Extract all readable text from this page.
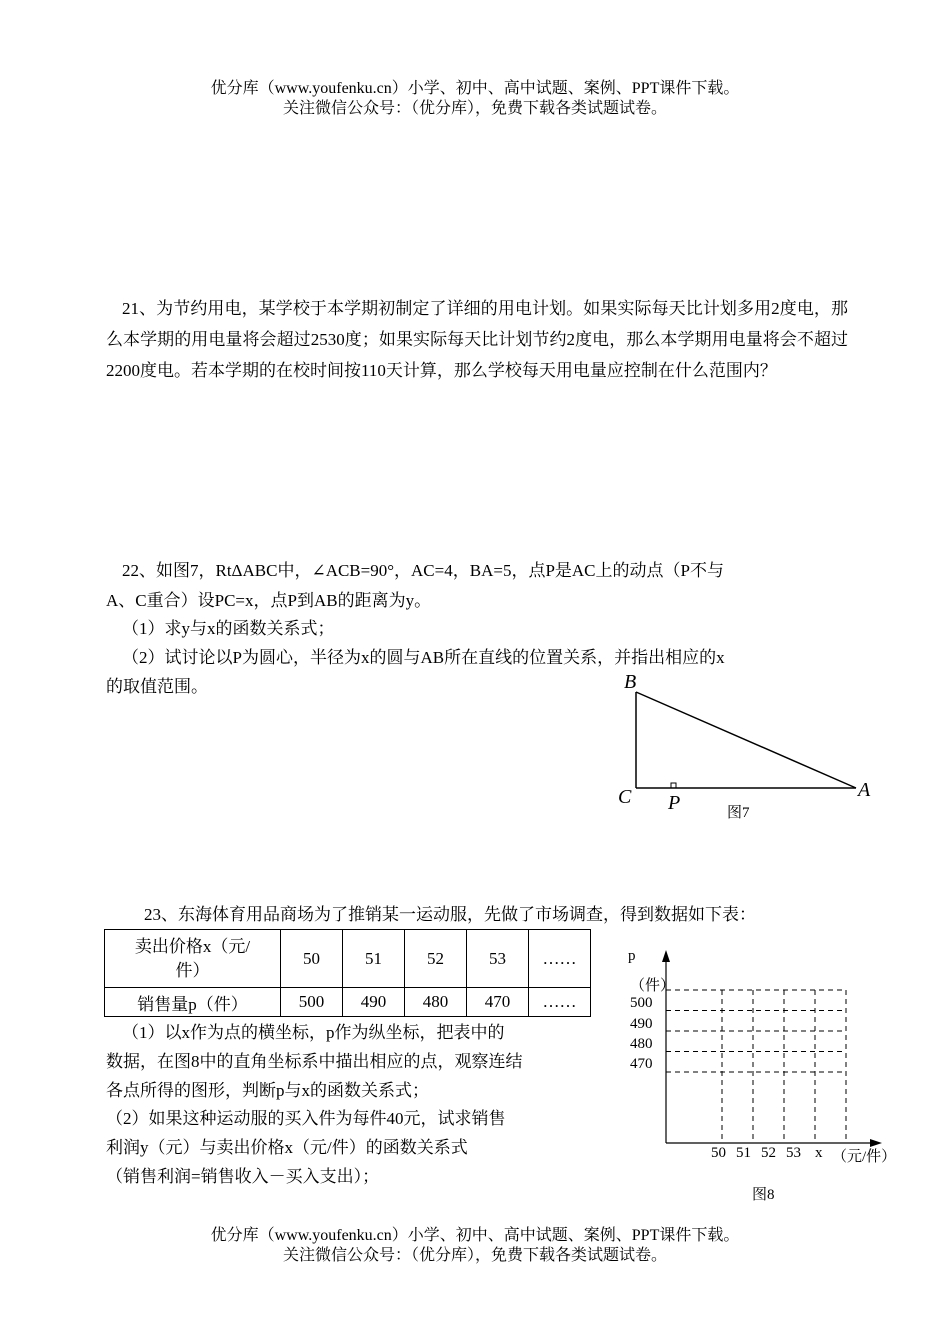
优分库（www.youfenku.cn）小学、初中、高中试题、案例、PPT课件下载。
关注微信公众号：（优分库），免费下载各类试题试卷。
21、为节约用电，某学校于本学期初制定了详细的用电计划。如果实际每天比计划多用2度电，那么本学期的用电量将会超过2530度；如果实际每天比计划节约2度电，那么本学期用电量将会不超过2200度电。若本学期的在校时间按110天计算，那么学校每天用电量应控制在什么范围内？
22、如图7，RtΔABC中，∠ACB=90°，AC=4，BA=5，点P是AC上的动点（P不与
A、C重合）设PC=x，点P到AB的距离为y。
（1）求y与x的函数关系式；
（2）试讨论以P为圆心，半径为x的圆与AB所在直线的位置关系，并指出相应的x
的取值范围。	B
C P
A
图7
23、东海体育用品商场为了推销某一运动服，先做了市场调查，得到数据如下表：
卖出价格x（元/
件）	50	51	52	53	……
销售量p（件）	500	490	480	470	……
（1）以x作为点的横坐标，p作为纵坐标，把表中的
数据，在图8中的直角坐标系中描出相应的点，观察连结
各点所得的图形，判断p与x的函数关系式；
（2）如果这种运动服的买入件为每件40元，试求销售
利润y（元）与卖出价格x（元/件）的函数关系式
（销售利润=销售收入－买入支出）；
p
（件）
500
490
480
470
50 51 52 53 x （元/件）
图8
优分库（www.youfenku.cn）小学、初中、高中试题、案例、PPT课件下载。
关注微信公众号：（优分库），免费下载各类试题试卷。
